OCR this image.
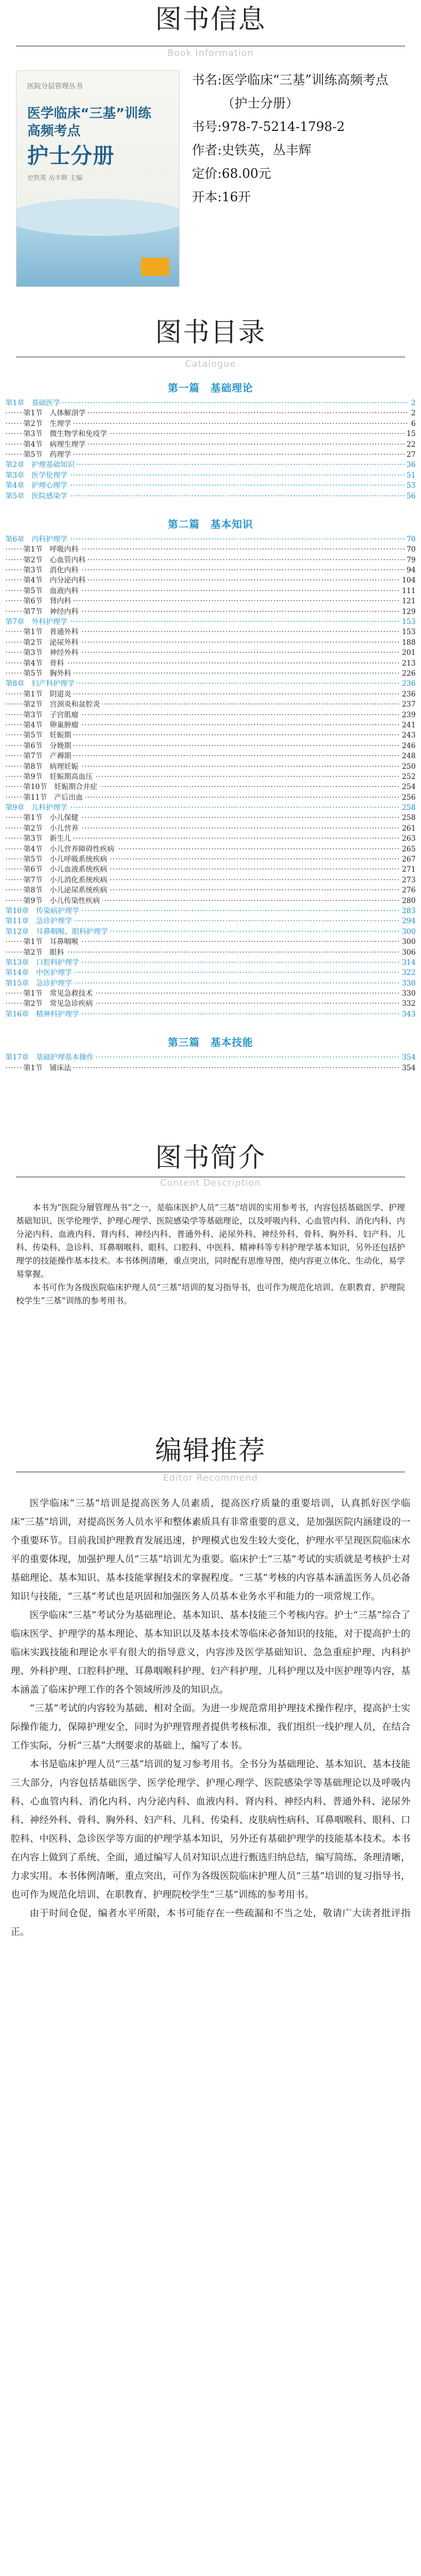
图书信息
Book Information
医院分层管理丛书
医学临床“三基”训练
高频考点
护士分册
史铁英 丛丰辉 主编
书名: 医学临床“三基”训练高频考点（护士分册）
书号: 978-7-5214-1798-2
作者: 史铁英，丛丰辉
定价: 68.00元
开本: 16开
图书目录
Catalogue
第一篇　基础理论
·····
第1章　基础医学	2
·····
第1节　人体解剖学	2
·····
第2节　生理学	6
·····
第3节　微生物学和免疫学	15
·····
第4节　病理生理学	22
·····
第5节　药理学	27
·····
第2章　护理基础知识	36
·····
第3章　医学伦理学	51
·····
第4章　护理心理学	53
·····
第5章　医院感染学	56
第二篇　基本知识
·····
第6章　内科护理学	70
·····
第1节　呼吸内科	70
·····
第2节　心血管内科	79
·····
第3节　消化内科	94
·····
第4节　内分泌内科	104
·····
第5节　血液内科	111
·····
第6节　肾内科	121
·····
第7节　神经内科	129
·····
第7章　外科护理学	153
·····
第1节　普通外科	153
·····
第2节　泌尿外科	188
·····
第3节　神经外科	201
·····
第4节　骨科	213
·····
第5节　胸外科	226
·····
第8章　妇产科护理学	236
·····
第1节　阴道炎	236
·····
第2节　宫颈炎和盆腔炎	237
·····
第3节　子宫肌瘤	239
·····
第4节　卵巢肿瘤	241
·····
第5节　妊娠期	243
·····
第6节　分娩期	246
·····
第7节　产褥期	248
·····
第8节　病理妊娠	250
·····
第9节　妊娠期高血压	252
·····
第10节　妊娠期合并症	254
·····
第11节　产后出血	256
·····
第9章　儿科护理学	258
·····
第1节　小儿保健	258
·····
第2节　小儿营养	261
·····
第3节　新生儿	263
·····
第4节　小儿营养障碍性疾病	265
·····
第5节　小儿呼吸系统疾病	267
·····
第6节　小儿血液系统疾病	271
·····
第7节　小儿消化系统疾病	273
·····
第8节　小儿泌尿系统疾病	276
·····
第9节　小儿传染性疾病	280
·····
第10章　传染病护理学	283
·····
第11章　急诊护理学	294
·····
第12章　耳鼻咽喉、眼科护理学	300
·····
第1节　耳鼻咽喉	300
·····
第2节　眼科	306
·····
第13章　口腔科护理学	314
·····
第14章　中医护理学	322
·····
第15章　急诊护理学	330
·····
第1节　常见急救技术	330
·····
第2节　常见急诊疾病	332
·····
第16章　精神科护理学	343
第三篇　基本技能
·····
第17章　基础护理基本操作	354
·····
第1节　铺床法	354
图书简介
Content Description

本书为“医院分層管理丛书”之一，是临床医护人员“三基”培训的实用参考书，内容包括基础医学、护理基础知识、医学伦理学、护理心理学、医院感染学等基础理论，以及呼吸内科、心血管内科、消化内科、内分泌内科、血液内科、肾内科、神经内科、普通外科、泌尿外科、神经外科、骨科、胸外科、妇产科、儿科、传染科、急诊科、耳鼻咽喉科、眼科、口腔科、中医科、精神科等专科护理学基本知识，另外还包括护理学的技能操作基本技术。本书体例清晰，重点突出，同时配有思维导图，使内容更立体化、生动化，易学易掌握。

本书可作为各级医院临床护理人员“三基”培训的复习指导书，也可作为规范化培训、在职教育、护理院校学生“三基”训练的参考用书。

编辑推荐
Editor Recommend

医学临床“三基”培训是提高医务人员素质，提高医疗质量的重要培训，认真抓好医学临床“三基”培训，对提高医务人员水平和整体素质具有非常重要的意义，是加强医院内涵建设的一个重要环节。目前我国护理教育发展迅速，护理模式也发生较大变化，护理水平呈现医院临床水平的重要体现，加强护理人员“三基”培训尤为重要。临床护士“三基”考试的实质就是考核护士对基础理论、基本知识、基本技能掌握技术的掌握程度。“三基”考核的内容基本涵盖医务人员必备知识与技能，“三基”考试也是巩固和加强医务人员基本业务水平和能力的一项常规工作。

医学临床“三基”考试分为基础理论、基本知识、基本技能三个考核内容。护士“三基”综合了临床医学、护理学的基本理论、基本知识以及基本技术等临床必备知识的技能，对于提高护士的临床实践技能和理论水平有很大的指导意义，内容涉及医学基础知识、急急重症护理、内科护理、外科护理、口腔科护理、耳鼻咽喉科护理、妇产科护理、儿科护理以及中医护理等内容，基本涵盖了临床护理工作的各个领域所涉及的知识点。

“三基”考试的内容较为基础、相对全面。为进一步规范常用护理技术操作程序，提高护士实际操作能力，保障护理安全，同时为护理管理者提供考核标准，我们组织一线护理人员，在结合工作实际，分析“三基”大纲要求的基础上，编写了本书。

本书是临床护理人员“三基”培训的复习参考用书。全书分为基础理论、基本知识、基本技能三大部分，内容包括基础医学、医学伦理学、护理心理学、医院感染学等基础理论以及呼吸内科、心血管内科、消化内科、内分泌内科、血液内科、肾内科、神经内科、普通外科、泌尿外科、神经外科、骨科、胸外科、妇产科、儿科、传染科、皮肤病性病科、耳鼻咽喉科、眼科、口腔科、中医科、急诊医学等方面的护理学基本知识，另外还有基础护理学的技能基本技术。本书在内容上做到了系统、全面，通过编写人员对知识点进行甄选归纳总结，编写简练、条理清晰，力求实用。本书体例清晰，重点突出，可作为各级医院临床护理人员“三基”培训的复习指导书，也可作为规范化培训、在职教育、护理院校学生“三基”训练的参考用书。

由于时间仓促，编者水平所限，本书可能存在一些疏漏和不当之处，敬请广大读者批评指正。
